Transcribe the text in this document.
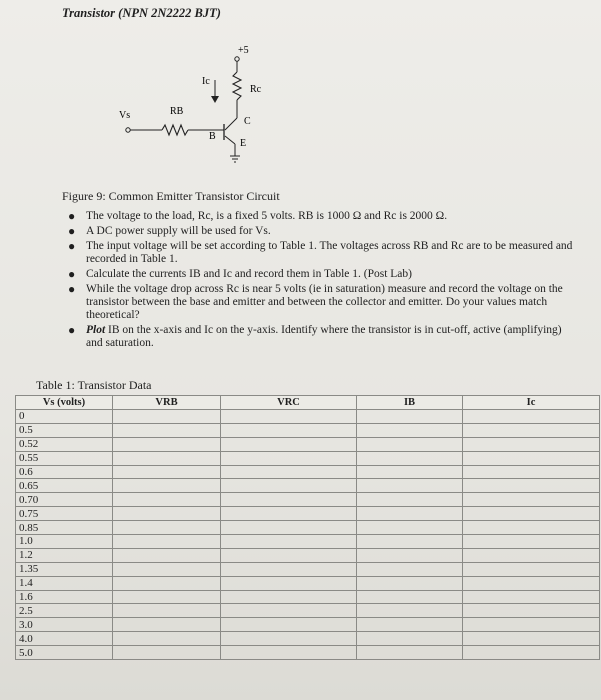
Transistor (NPN 2N2222 BJT)
+5
Rc
Ic
C
E
Vs	RB
B
Figure 9: Common Emitter Transistor Circuit
● The voltage to the load, Rc, is a fixed 5 volts. RB is 1000 Ω and Rc is 2000 Ω.
● A DC power supply will be used for Vs.
● The input voltage will be set according to Table 1. The voltages across RB and Rc are to be measured and recorded in Table 1.
● Calculate the currents IB and Ic and record them in Table 1. (Post Lab)
● While the voltage drop across Rc is near 5 volts (ie in saturation) measure and record the voltage on the transistor between the base and emitter and between the collector and emitter. Do your values match theoretical?
● Plot IB on the x-axis and Ic on the y-axis. Identify where the transistor is in cut-off, active (amplifying) and saturation.
Table 1: Transistor Data
Vs (volts)	VRB	VRC	IB	Ic
0				
0.5				
0.52				
0.55				
0.6				
0.65				
0.70				
0.75				
0.85				
1.0				
1.2				
1.35				
1.4				
1.6				
2.5				
3.0				
4.0				
5.0				
